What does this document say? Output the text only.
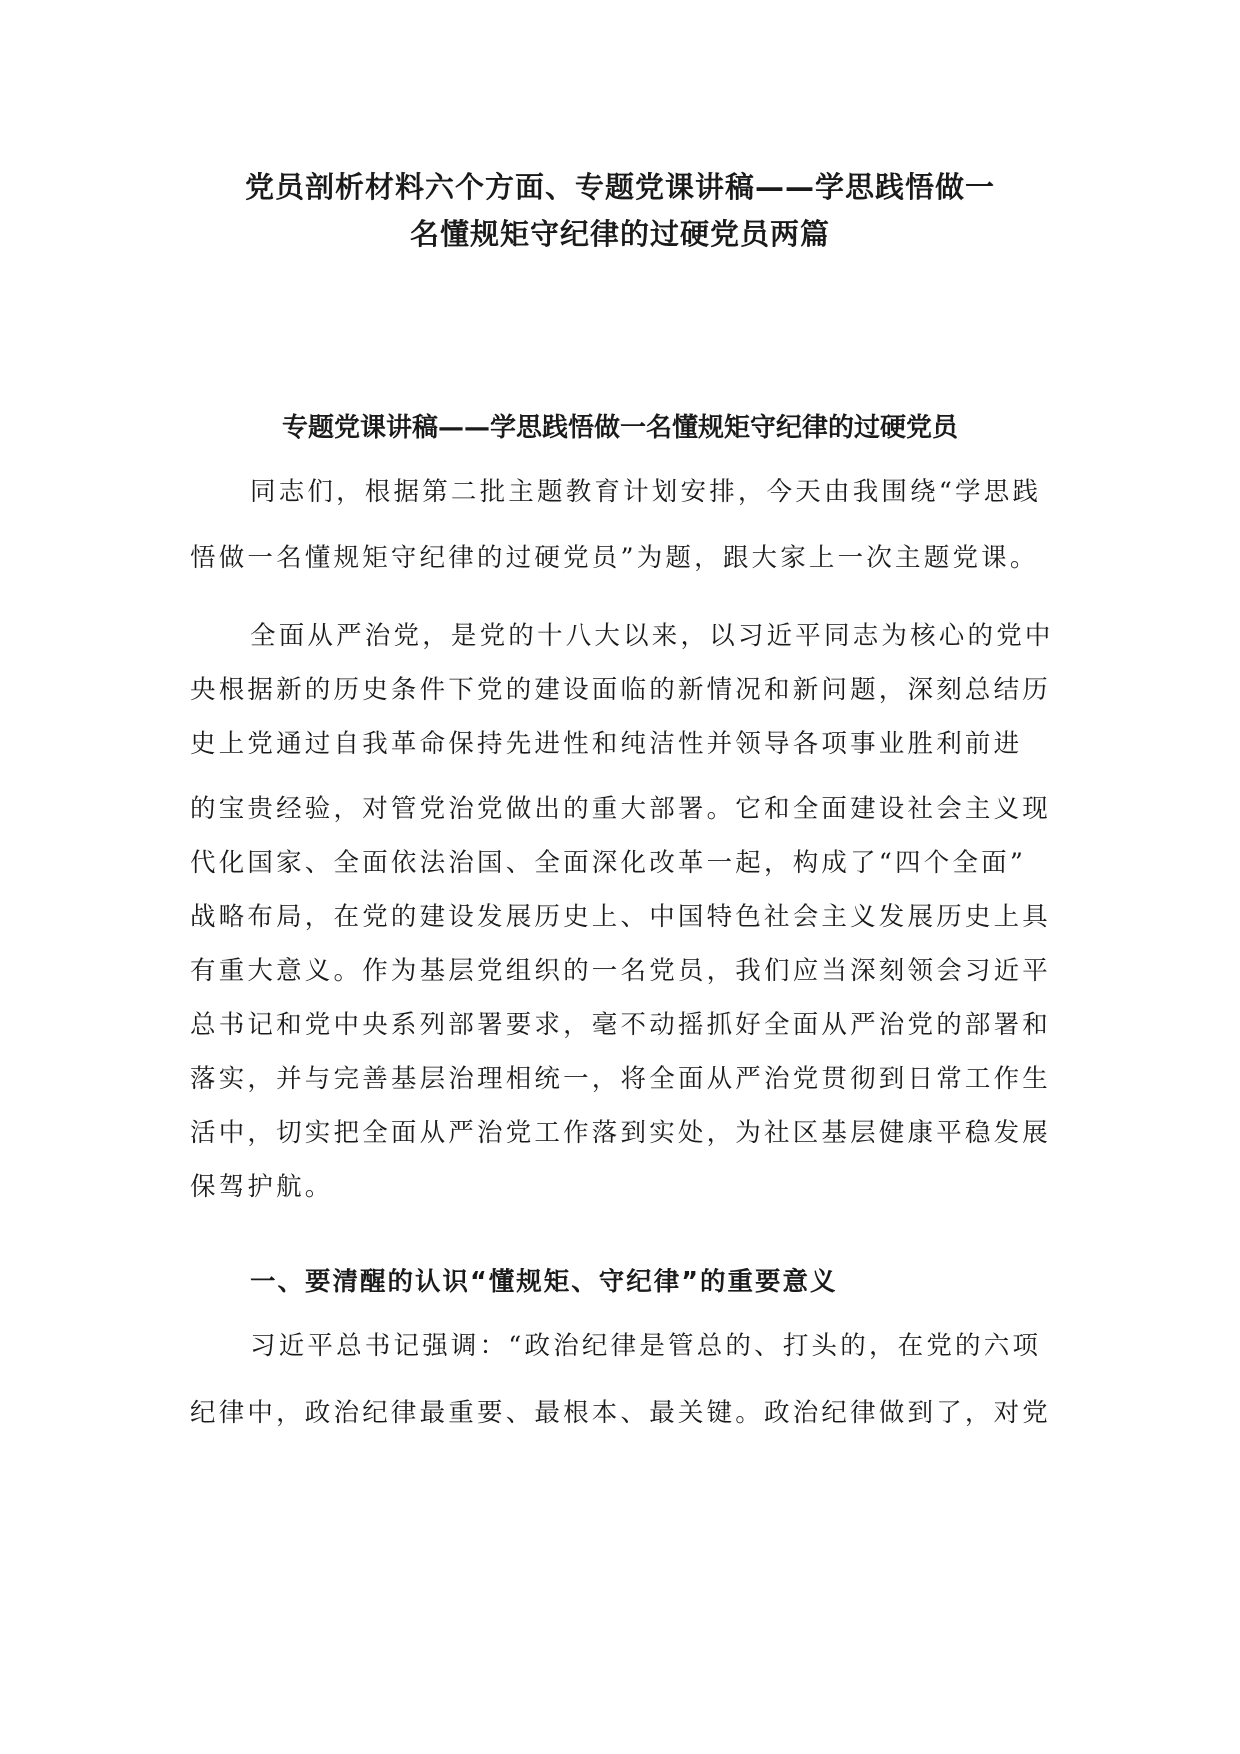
党员剖析材料六个方面、专题党课讲稿——学思践悟做一
名懂规矩守纪律的过硬党员两篇
专题党课讲稿——学思践悟做一名懂规矩守纪律的过硬党员

同志们，根据第二批主题教育计划安排，今天由我围绕“学思践

悟做一名懂规矩守纪律的过硬党员”为题，跟大家上一次主题党课。

全面从严治党，是党的十八大以来，以习近平同志为核心的党中

央根据新的历史条件下党的建设面临的新情况和新问题，深刻总结历

史上党通过自我革命保持先进性和纯洁性并领导各项事业胜利前进

的宝贵经验，对管党治党做出的重大部署。它和全面建设社会主义现

代化国家、全面依法治国、全面深化改革一起，构成了“四个全面”

战略布局，在党的建设发展历史上、中国特色社会主义发展历史上具

有重大意义。作为基层党组织的一名党员，我们应当深刻领会习近平

总书记和党中央系列部署要求，毫不动摇抓好全面从严治党的部署和

落实，并与完善基层治理相统一，将全面从严治党贯彻到日常工作生

活中，切实把全面从严治党工作落到实处，为社区基层健康平稳发展

保驾护航。

一、要清醒的认识“懂规矩、守纪律”的重要意义

习近平总书记强调：“政治纪律是管总的、打头的，在党的六项

纪律中，政治纪律最重要、最根本、最关键。政治纪律做到了，对党
